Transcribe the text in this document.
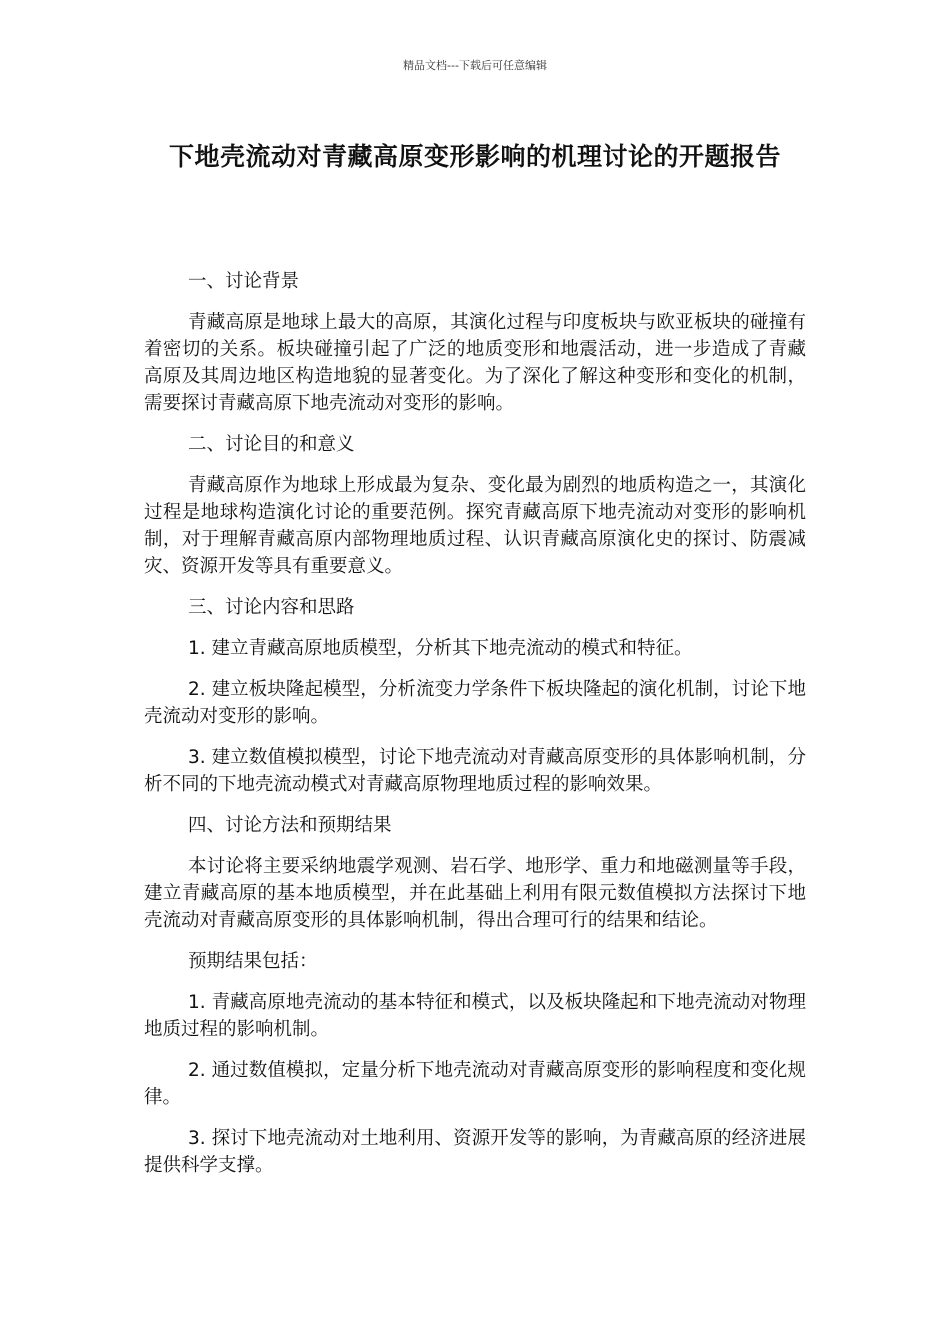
精品文档---下载后可任意编辑
下地壳流动对青藏高原变形影响的机理讨论的开题报告

一、讨论背景

青藏高原是地球上最大的高原，其演化过程与印度板块与欧亚板块的碰撞有着密切的关系。板块碰撞引起了广泛的地质变形和地震活动，进一步造成了青藏高原及其周边地区构造地貌的显著变化。为了深化了解这种变形和变化的机制，需要探讨青藏高原下地壳流动对变形的影响。

二、讨论目的和意义

青藏高原作为地球上形成最为复杂、变化最为剧烈的地质构造之一，其演化过程是地球构造演化讨论的重要范例。探究青藏高原下地壳流动对变形的影响机制，对于理解青藏高原内部物理地质过程、认识青藏高原演化史的探讨、防震减灾、资源开发等具有重要意义。

三、讨论内容和思路

1. 建立青藏高原地质模型，分析其下地壳流动的模式和特征。

2. 建立板块隆起模型，分析流变力学条件下板块隆起的演化机制，讨论下地壳流动对变形的影响。

3. 建立数值模拟模型，讨论下地壳流动对青藏高原变形的具体影响机制，分析不同的下地壳流动模式对青藏高原物理地质过程的影响效果。

四、讨论方法和预期结果

本讨论将主要采纳地震学观测、岩石学、地形学、重力和地磁测量等手段，建立青藏高原的基本地质模型，并在此基础上利用有限元数值模拟方法探讨下地壳流动对青藏高原变形的具体影响机制，得出合理可行的结果和结论。

预期结果包括：

1. 青藏高原地壳流动的基本特征和模式，以及板块隆起和下地壳流动对物理地质过程的影响机制。

2. 通过数值模拟，定量分析下地壳流动对青藏高原变形的影响程度和变化规律。

3. 探讨下地壳流动对土地利用、资源开发等的影响，为青藏高原的经济进展提供科学支撑。
